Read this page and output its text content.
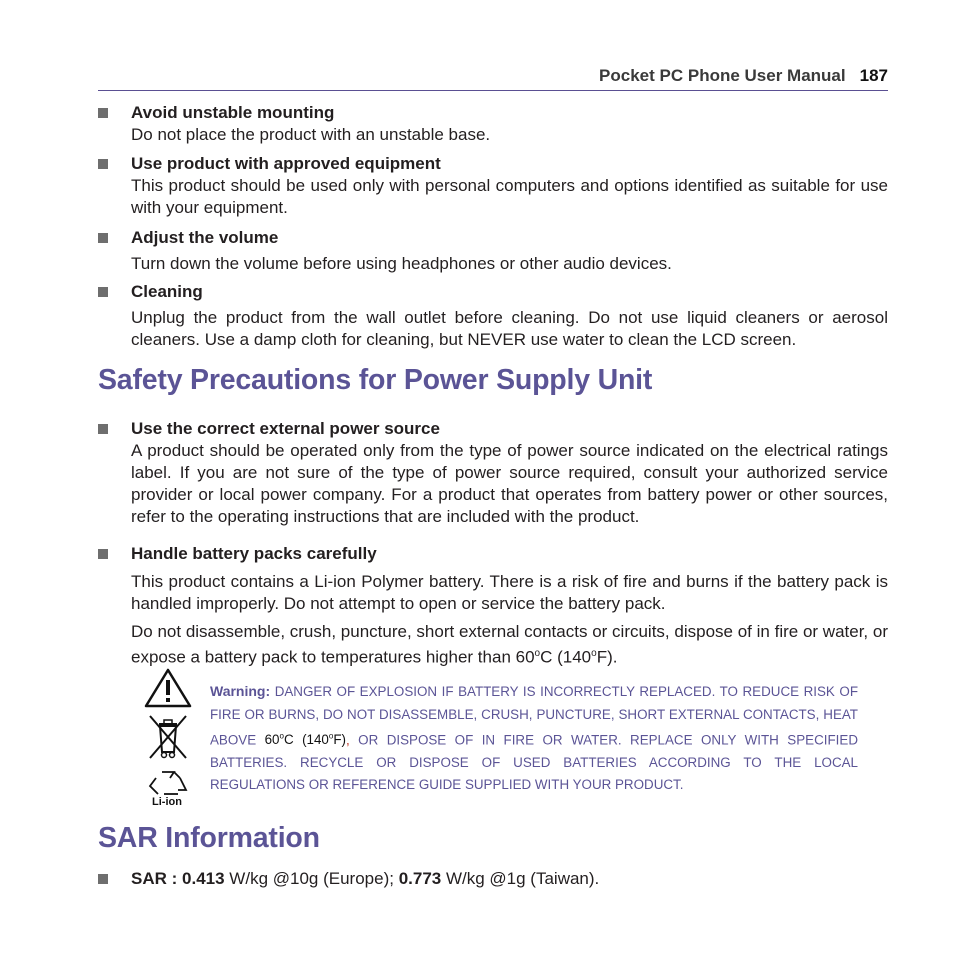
Pocket PC Phone User Manual 187
Avoid unstable mounting
Do not place the product with an unstable base.
Use product with approved equipment
This product should be used only with personal computers and options identified as suitable for use with your equipment.
Adjust the volume
Turn down the volume before using headphones or other audio devices.
Cleaning
Unplug the product from the wall outlet before cleaning. Do not use liquid cleaners or aerosol cleaners. Use a damp cloth for cleaning, but NEVER use water to clean the LCD screen.
Safety Precautions for Power Supply Unit
Use the correct external power source
A product should be operated only from the type of power source indicated on the electrical ratings label. If you are not sure of the type of power source required, consult your authorized service provider or local power company. For a product that operates from battery power or other sources, refer to the operating instructions that are included with the product.
Handle battery packs carefully
This product contains a Li-ion Polymer battery. There is a risk of fire and burns if the battery pack is handled improperly. Do not attempt to open or service the battery pack.
Do not disassemble, crush, puncture, short external contacts or circuits, dispose of in fire or water, or expose a battery pack to temperatures higher than 60$^o$C (140$^o$F).
Li-ion
Warning: DANGER OF EXPLOSION IF BATTERY IS INCORRECTLY REPLACED. TO REDUCE RISK OF FIRE OR BURNS, DO NOT DISASSEMBLE, CRUSH, PUNCTURE, SHORT EXTERNAL CONTACTS, HEAT ABOVE 60$^o$C (140$^o$F), OR DISPOSE OF IN FIRE OR WATER. REPLACE ONLY WITH SPECIFIED BATTERIES. RECYCLE OR DISPOSE OF USED BATTERIES ACCORDING TO THE LOCAL REGULATIONS OR REFERENCE GUIDE SUPPLIED WITH YOUR PRODUCT.
SAR Information
SAR : 0.413 W/kg @10g (Europe); 0.773 W/kg @1g (Taiwan).
